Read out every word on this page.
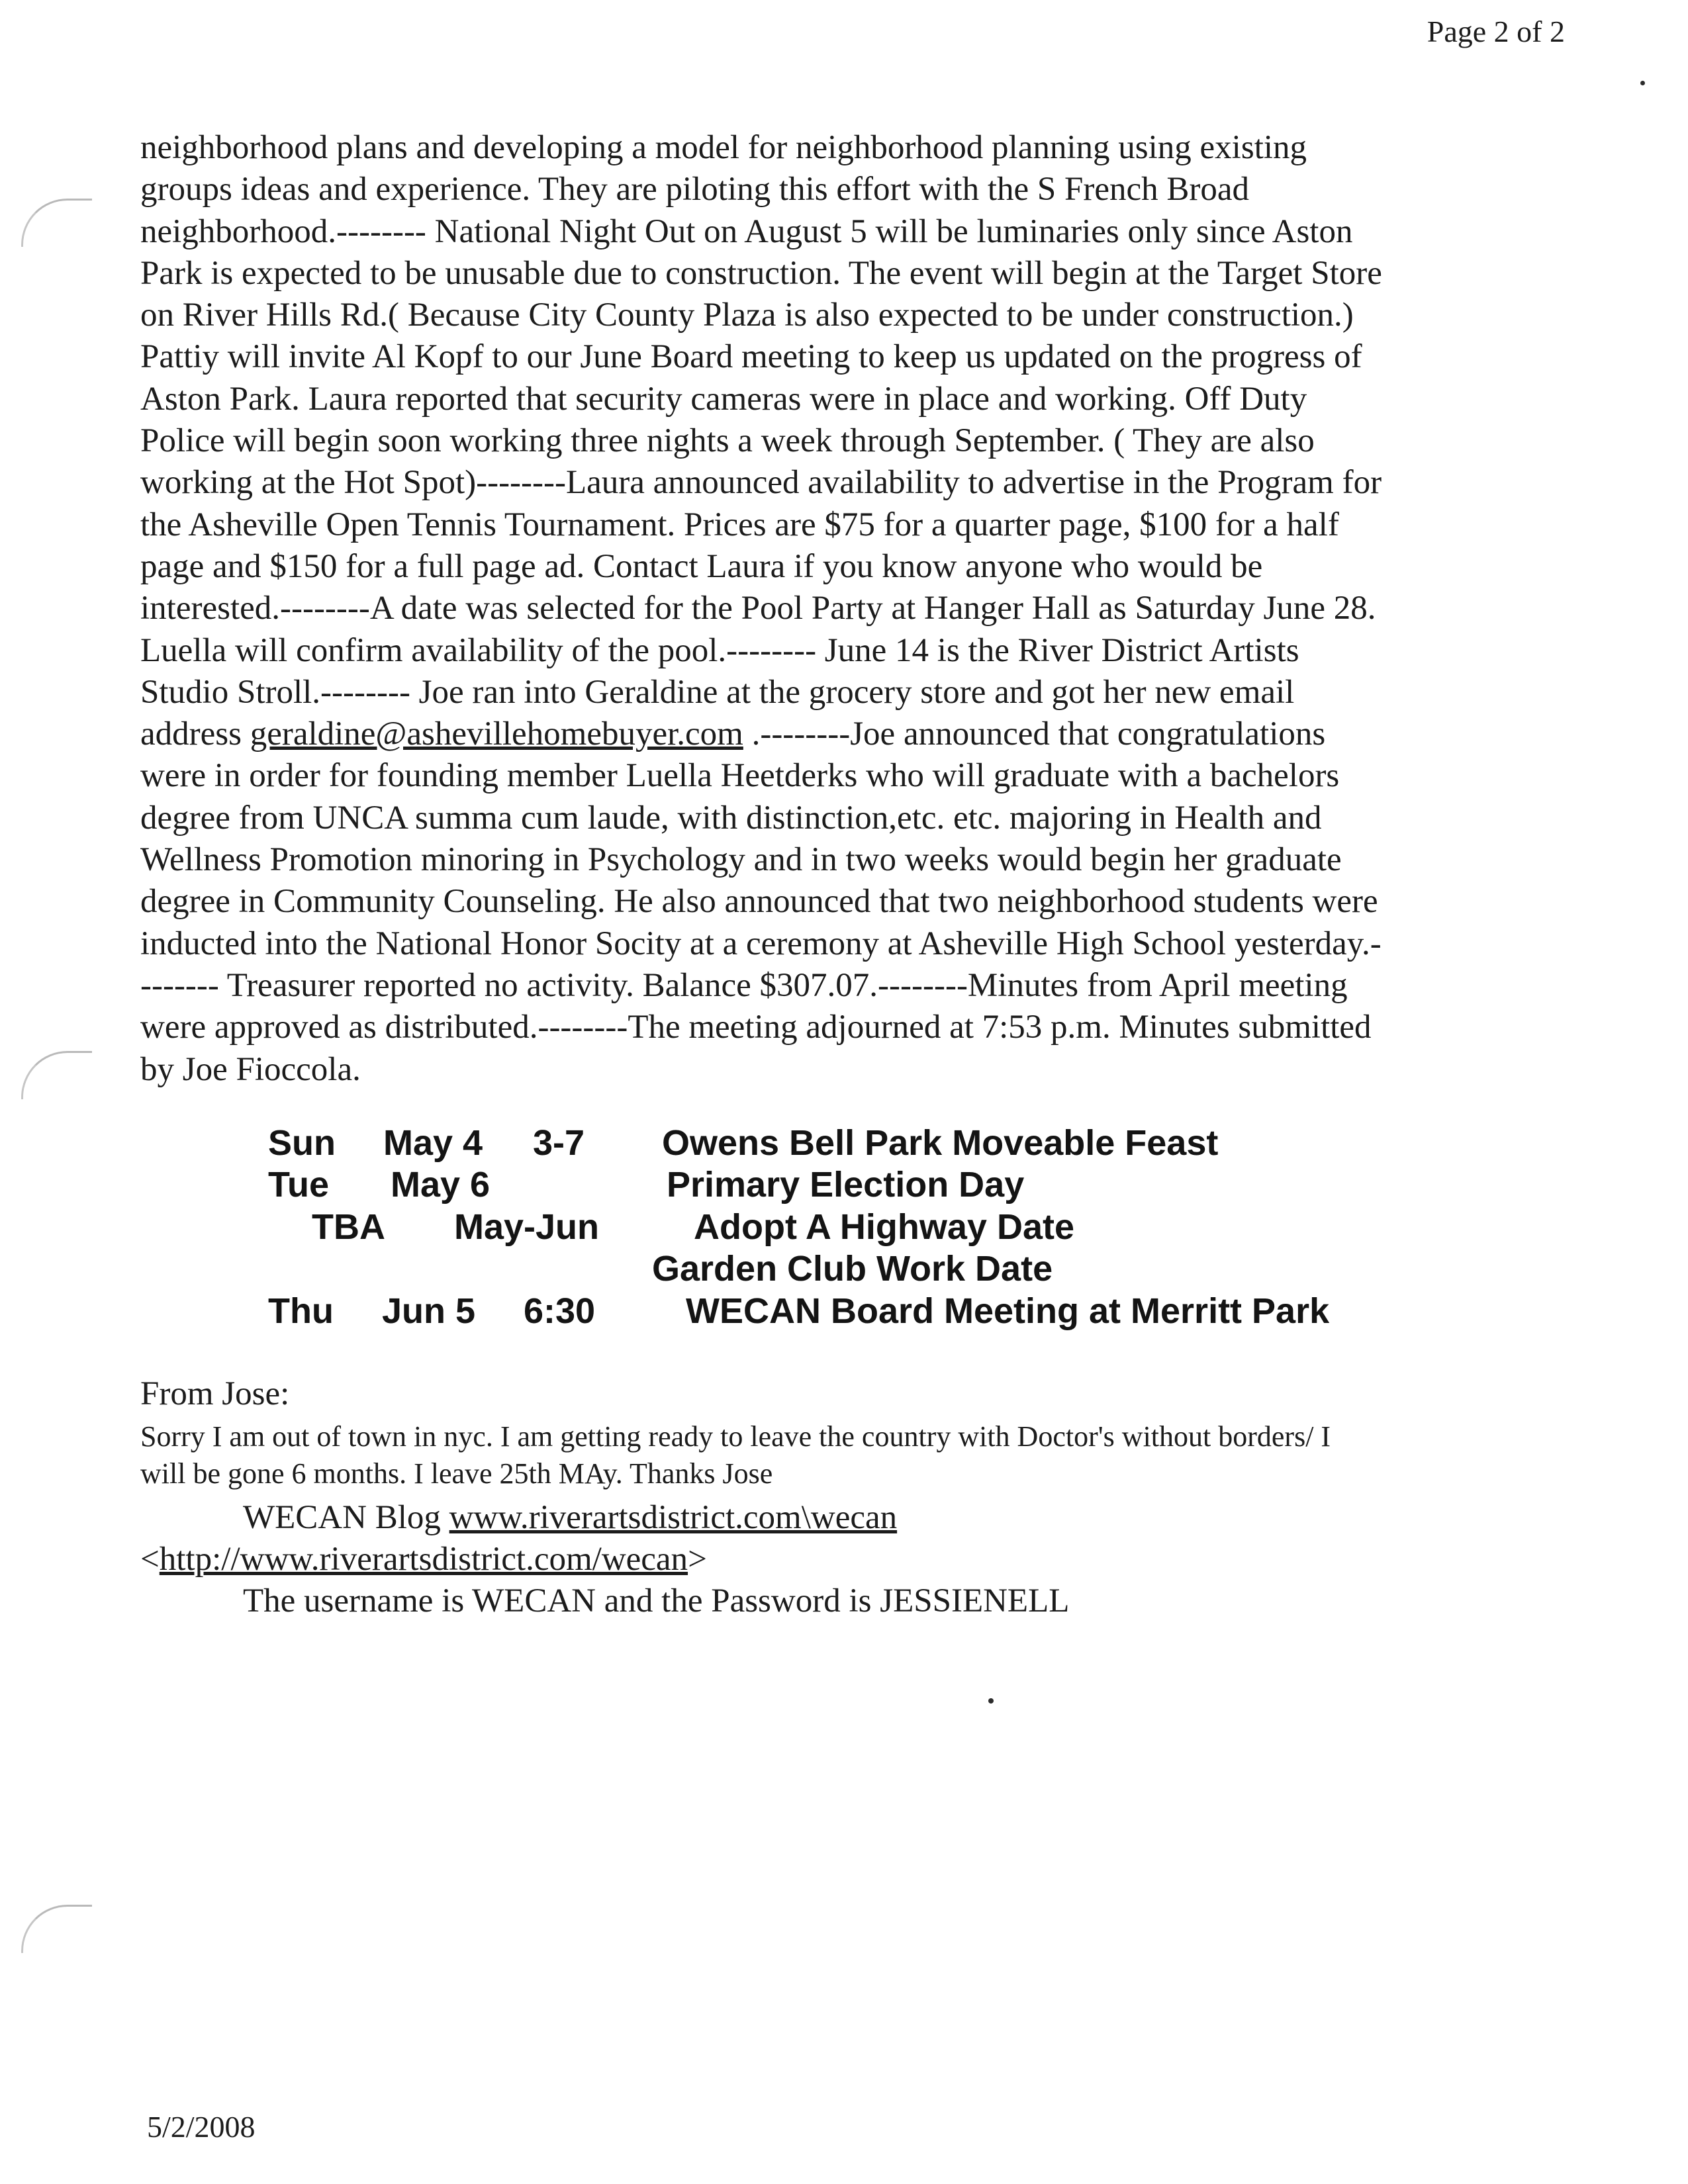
Page 2 of 2
neighborhood plans and developing a model for neighborhood planning using existing
groups ideas and experience. They are piloting this effort with the S French Broad
neighborhood.-------- National Night Out on August 5 will be luminaries only since Aston
Park is expected to be unusable due to construction. The event will begin at the Target Store
on River Hills Rd.( Because City County Plaza is also expected to be under construction.)
Pattiy will invite Al Kopf to our June Board meeting to keep us updated on the progress of
Aston Park. Laura reported that security cameras were in place and working. Off Duty
Police will begin soon working three nights a week through September. ( They are also
working at the Hot Spot)--------Laura announced availability to advertise in the Program for
the Asheville Open Tennis Tournament. Prices are $75 for a quarter page, $100 for a half
page and $150 for a full page ad. Contact Laura if you know anyone who would be
interested.--------A date was selected for the Pool Party at Hanger Hall as Saturday June 28.
Luella will confirm availability of the pool.-------- June 14 is the River District Artists
Studio Stroll.-------- Joe ran into Geraldine at the grocery store and got her new email
address geraldine@ashevillehomebuyer.com .--------Joe announced that congratulations
were in order for founding member Luella Heetderks who will graduate with a bachelors
degree from UNCA summa cum laude, with distinction,etc. etc. majoring in Health and
Wellness Promotion minoring in Psychology and in two weeks would begin her graduate
degree in Community Counseling. He also announced that two neighborhood students were
inducted into the National Honor Socity at a ceremony at Asheville High School yesterday.-
------- Treasurer reported no activity. Balance $307.07.--------Minutes from April meeting
were approved as distributed.--------The meeting adjourned at 7:53 p.m. Minutes submitted
by Joe Fioccola.
Sun May 4 3-7 Owens Bell Park Moveable Feast
Tue May 6	Primary Election Day
TBA May-Jun	Adopt A Highway Date
Garden Club Work Date
Thu Jun 5 6:30	WECAN Board Meeting at Merritt Park
From Jose:
Sorry I am out of town in nyc. I am getting ready to leave the country with Doctor's without borders/ I
will be gone 6 months. I leave 25th MAy. Thanks Jose
WECAN Blog www.riverartsdistrict.com\wecan
<http://www.riverartsdistrict.com/wecan>
The username is WECAN and the Password is JESSIENELL
5/2/2008
